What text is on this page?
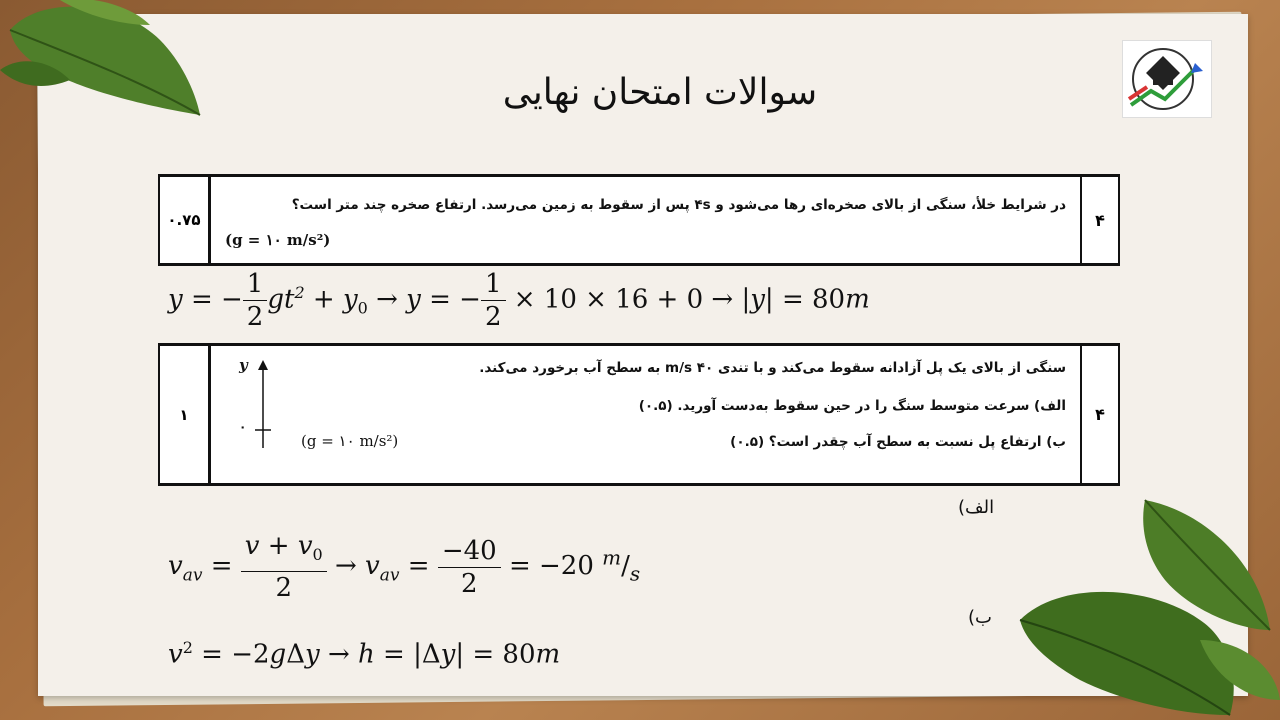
سوالات امتحان نهایی
۰.۷۵
در شرایط خلأ، سنگی از بالای صخره‌ای رها می‌شود و ۴s پس از سقوط به زمین می‌رسد. ارتفاع صخره چند متر است؟
(g = ۱۰ m/s²)
۴
y = − $\frac{1}{2} gt^2 + y_0 \to y$ = − $\frac{1}{2} \times 10 \times 16 + 0 \to |y| = 80m$
۱
سنگی از بالای یک پل آزادانه سقوط می‌کند و با تندی ۴۰ m/s به سطح آب برخورد می‌کند.
الف) سرعت متوسط سنگ را در حین سقوط به‌دست آورید. (۰.۵)
ب) ارتفاع پل نسبت به سطح آب چقدر است؟ (۰.۵)
(g = ۱۰ m/s²)
y
۰
۴
الف)
ب)
$v_{av} = \frac{v + v_0}{2} \to v_{av} = \frac{-40}{2} = -20$ $^m/_s$
$v^2 = -2g\Delta y \to h = |\Delta y| = 80m$
